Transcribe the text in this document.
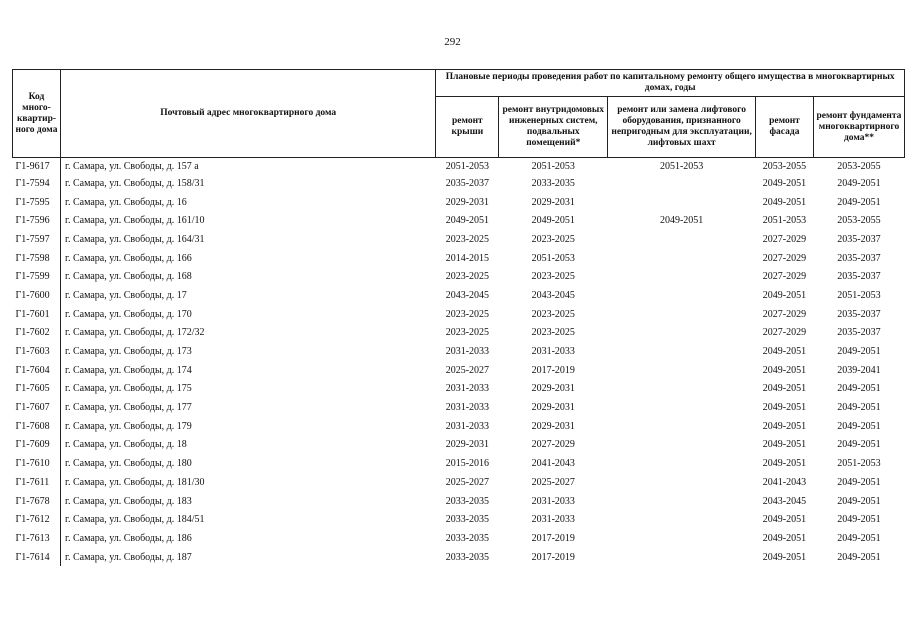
292
Код много-квартир-ного дома	Почтовый адрес многоквартирного дома	Плановые периоды проведения работ по капитальному ремонту общего имущества в многоквартирных домах, годы				
		ремонт крыши	ремонт внутридомовых инженерных систем, подвальных помещений*	ремонт или замена лифтового оборудования, признанного непригодным для эксплуатации, лифтовых шахт	ремонт фасада	ремонт фундамента многоквартирного дома**
Г1-9617	г. Самара, ул. Свободы, д. 157 а	2051-2053	2051-2053	2051-2053	2053-2055	2053-2055
Г1-7594	г. Самара, ул. Свободы, д. 158/31	2035-2037	2033-2035		2049-2051	2049-2051
Г1-7595	г. Самара, ул. Свободы, д. 16	2029-2031	2029-2031		2049-2051	2049-2051
Г1-7596	г. Самара, ул. Свободы, д. 161/10	2049-2051	2049-2051	2049-2051	2051-2053	2053-2055
Г1-7597	г. Самара, ул. Свободы, д. 164/31	2023-2025	2023-2025		2027-2029	2035-2037
Г1-7598	г. Самара, ул. Свободы, д. 166	2014-2015	2051-2053		2027-2029	2035-2037
Г1-7599	г. Самара, ул. Свободы, д. 168	2023-2025	2023-2025		2027-2029	2035-2037
Г1-7600	г. Самара, ул. Свободы, д. 17	2043-2045	2043-2045		2049-2051	2051-2053
Г1-7601	г. Самара, ул. Свободы, д. 170	2023-2025	2023-2025		2027-2029	2035-2037
Г1-7602	г. Самара, ул. Свободы, д. 172/32	2023-2025	2023-2025		2027-2029	2035-2037
Г1-7603	г. Самара, ул. Свободы, д. 173	2031-2033	2031-2033		2049-2051	2049-2051
Г1-7604	г. Самара, ул. Свободы, д. 174	2025-2027	2017-2019		2049-2051	2039-2041
Г1-7605	г. Самара, ул. Свободы, д. 175	2031-2033	2029-2031		2049-2051	2049-2051
Г1-7607	г. Самара, ул. Свободы, д. 177	2031-2033	2029-2031		2049-2051	2049-2051
Г1-7608	г. Самара, ул. Свободы, д. 179	2031-2033	2029-2031		2049-2051	2049-2051
Г1-7609	г. Самара, ул. Свободы, д. 18	2029-2031	2027-2029		2049-2051	2049-2051
Г1-7610	г. Самара, ул. Свободы, д. 180	2015-2016	2041-2043		2049-2051	2051-2053
Г1-7611	г. Самара, ул. Свободы, д. 181/30	2025-2027	2025-2027		2041-2043	2049-2051
Г1-7678	г. Самара, ул. Свободы, д. 183	2033-2035	2031-2033		2043-2045	2049-2051
Г1-7612	г. Самара, ул. Свободы, д. 184/51	2033-2035	2031-2033		2049-2051	2049-2051
Г1-7613	г. Самара, ул. Свободы, д. 186	2033-2035	2017-2019		2049-2051	2049-2051
Г1-7614	г. Самара, ул. Свободы, д. 187	2033-2035	2017-2019		2049-2051	2049-2051
